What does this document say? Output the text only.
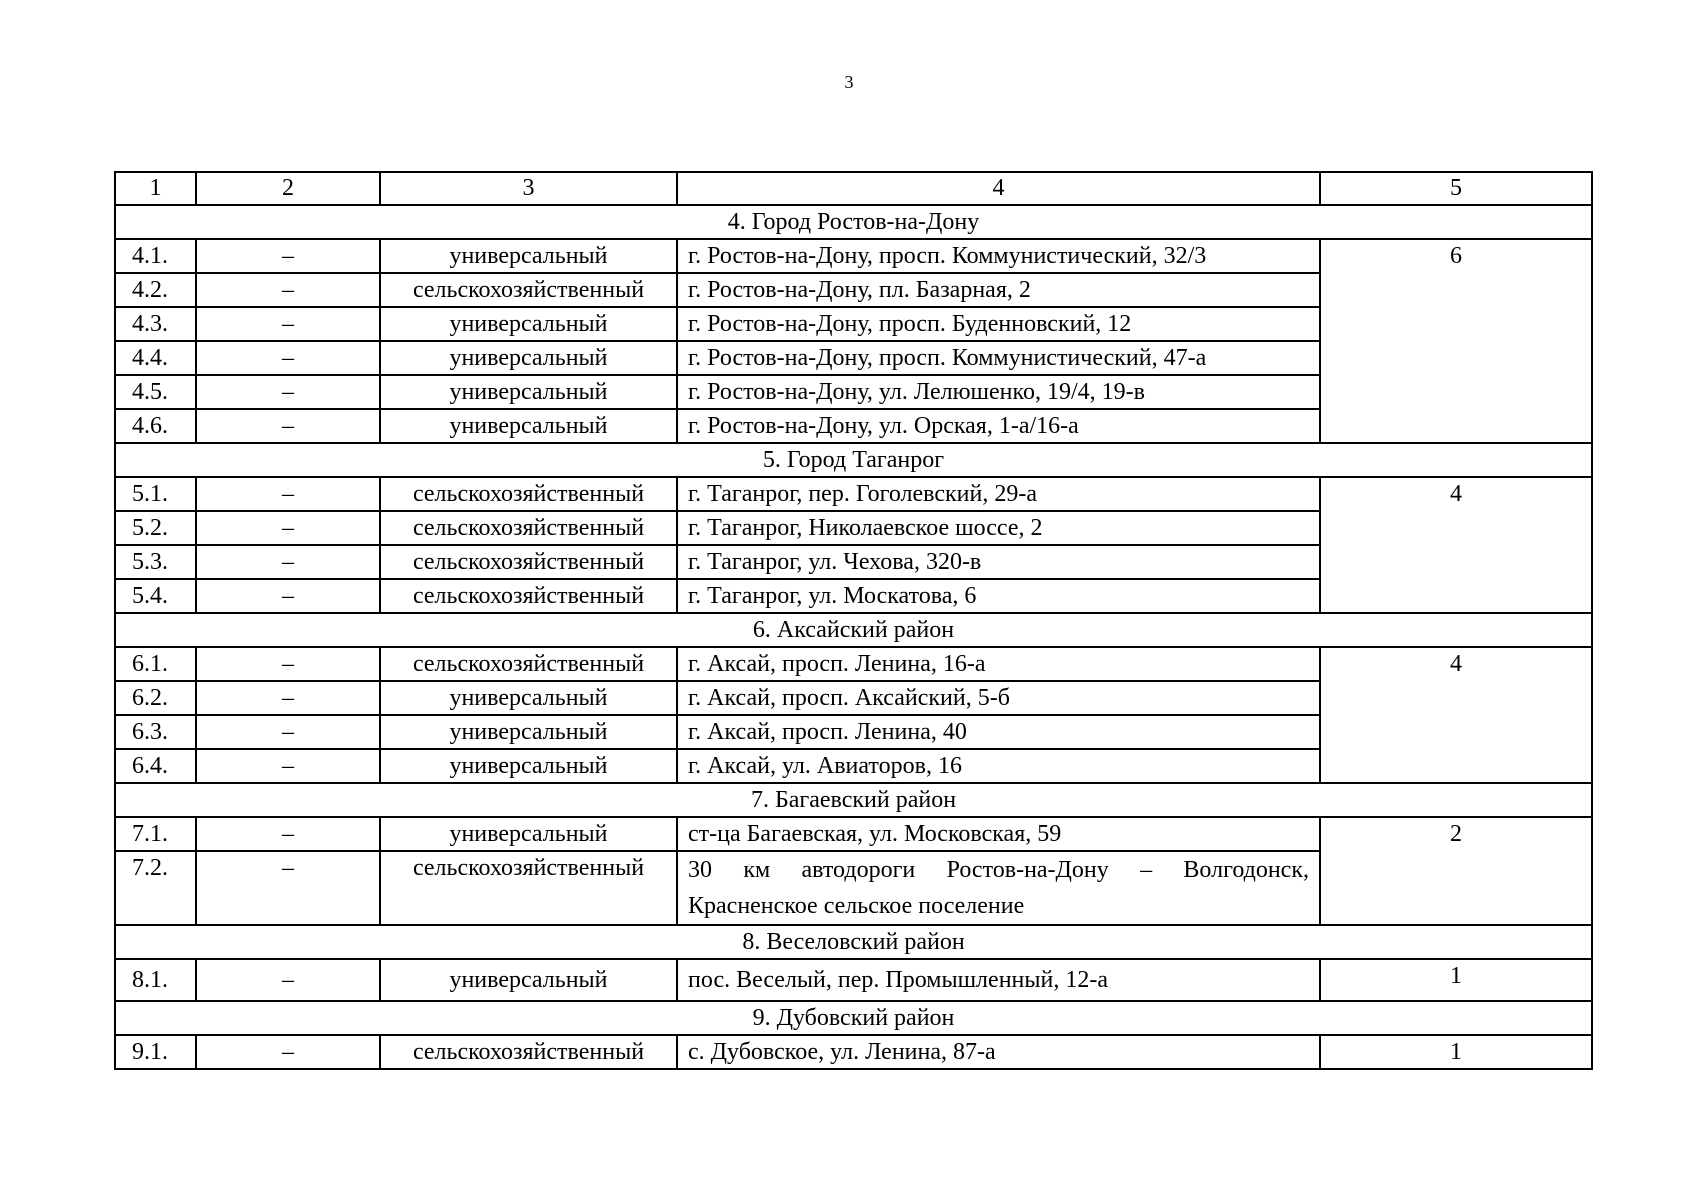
3
1	2	3	4	5
4. Город Ростов-на-Дону				
4.1.	–	универсальный	г. Ростов-на-Дону, просп. Коммунистический, 32/3	6
4.2.	–	сельскохозяйственный	г. Ростов-на-Дону, пл. Базарная, 2	
4.3.	–	универсальный	г. Ростов-на-Дону, просп. Буденновский, 12	
4.4.	–	универсальный	г. Ростов-на-Дону, просп. Коммунистический, 47-а	
4.5.	–	универсальный	г. Ростов-на-Дону, ул. Лелюшенко, 19/4, 19-в	
4.6.	–	универсальный	г. Ростов-на-Дону, ул. Орская, 1-а/16-а	
5. Город Таганрог				
5.1.	–	сельскохозяйственный	г. Таганрог, пер. Гоголевский, 29-а	4
5.2.	–	сельскохозяйственный	г. Таганрог, Николаевское шоссе, 2	
5.3.	–	сельскохозяйственный	г. Таганрог, ул. Чехова, 320-в	
5.4.	–	сельскохозяйственный	г. Таганрог, ул. Москатова, 6	
6. Аксайский район				
6.1.	–	сельскохозяйственный	г. Аксай, просп. Ленина, 16-а	4
6.2.	–	универсальный	г. Аксай, просп. Аксайский, 5-б	
6.3.	–	универсальный	г. Аксай, просп. Ленина, 40	
6.4.	–	универсальный	г. Аксай, ул. Авиаторов, 16	
7. Багаевский район				
7.1.	–	универсальный	ст-ца Багаевская, ул. Московская, 59	2
7.2.	–	сельскохозяйственный	30 км автодороги Ростов-на-Дону – Волгодонск, Красненское сельское поселение	
8. Веселовский район				
8.1.	–	универсальный	пос. Веселый, пер. Промышленный, 12-а	1
9. Дубовский район				
9.1.	–	сельскохозяйственный	с. Дубовское, ул. Ленина, 87-а	1
